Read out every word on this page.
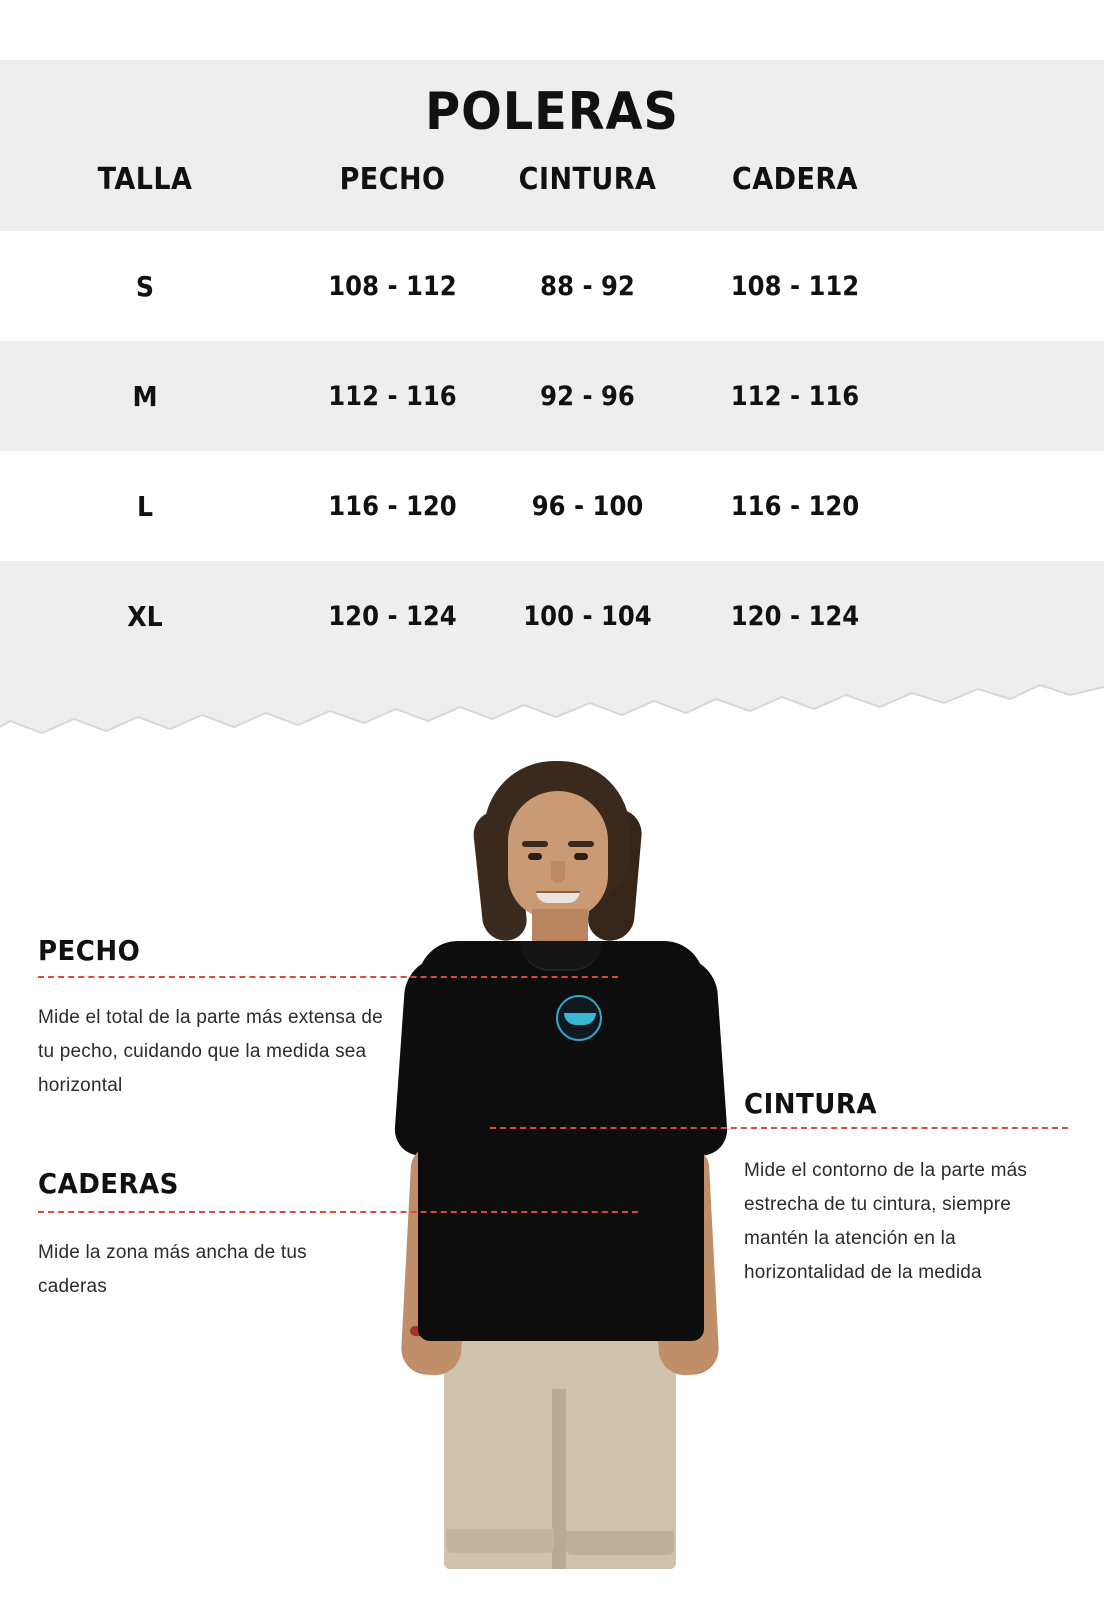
POLERAS
TALLA	PECHO	CINTURA	CADERA	
S	108 - 112	88 - 92	108 - 112	
M	112 - 116	92 - 96	112 - 116	
L	116 - 120	96 - 100	116 - 120	
XL	120 - 124	100 - 104	120 - 124	
PECHO

Mide el total de la parte más extensa de tu pecho, cuidando que la medida sea horizontal

CADERAS

Mide la zona más ancha de tus caderas

CINTURA

Mide el contorno de la parte más estrecha de tu cintura, siempre mantén la atención en la horizontalidad de la medida
